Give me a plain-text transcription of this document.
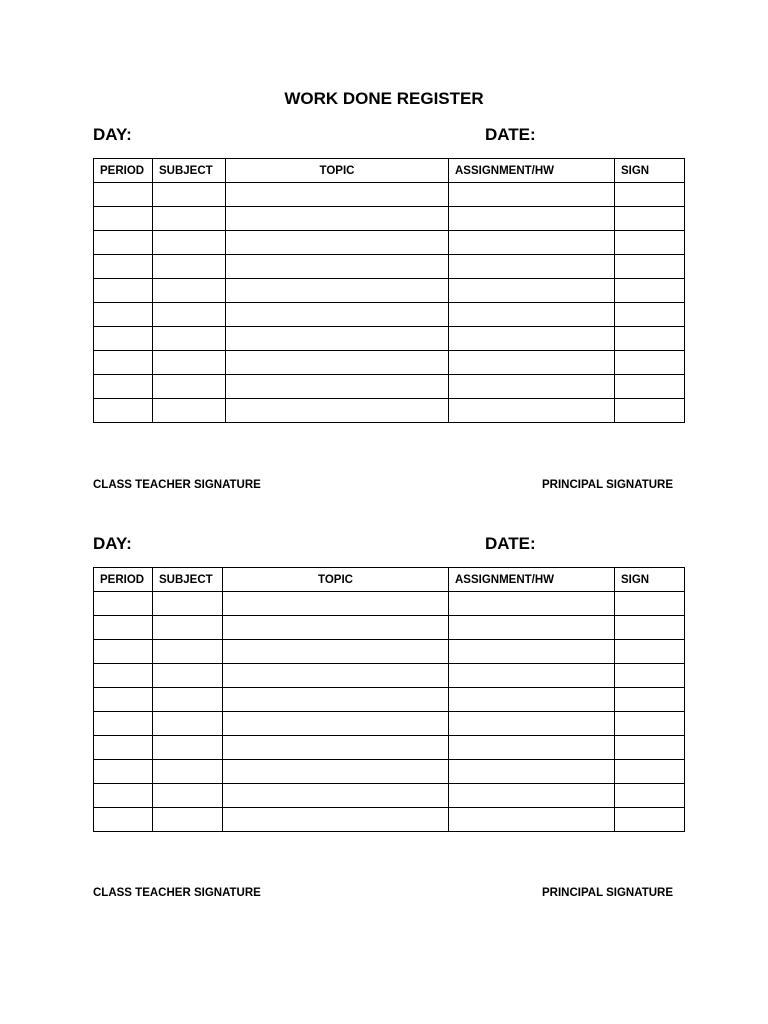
WORK DONE REGISTER
DAY:	DATE:
PERIOD	SUBJECT	TOPIC	ASSIGNMENT/HW	SIGN

CLASS TEACHER SIGNATURE	PRINCIPAL SIGNATURE
DAY:	DATE:
PERIOD	SUBJECT	TOPIC	ASSIGNMENT/HW	SIGN

CLASS TEACHER SIGNATURE	PRINCIPAL SIGNATURE
